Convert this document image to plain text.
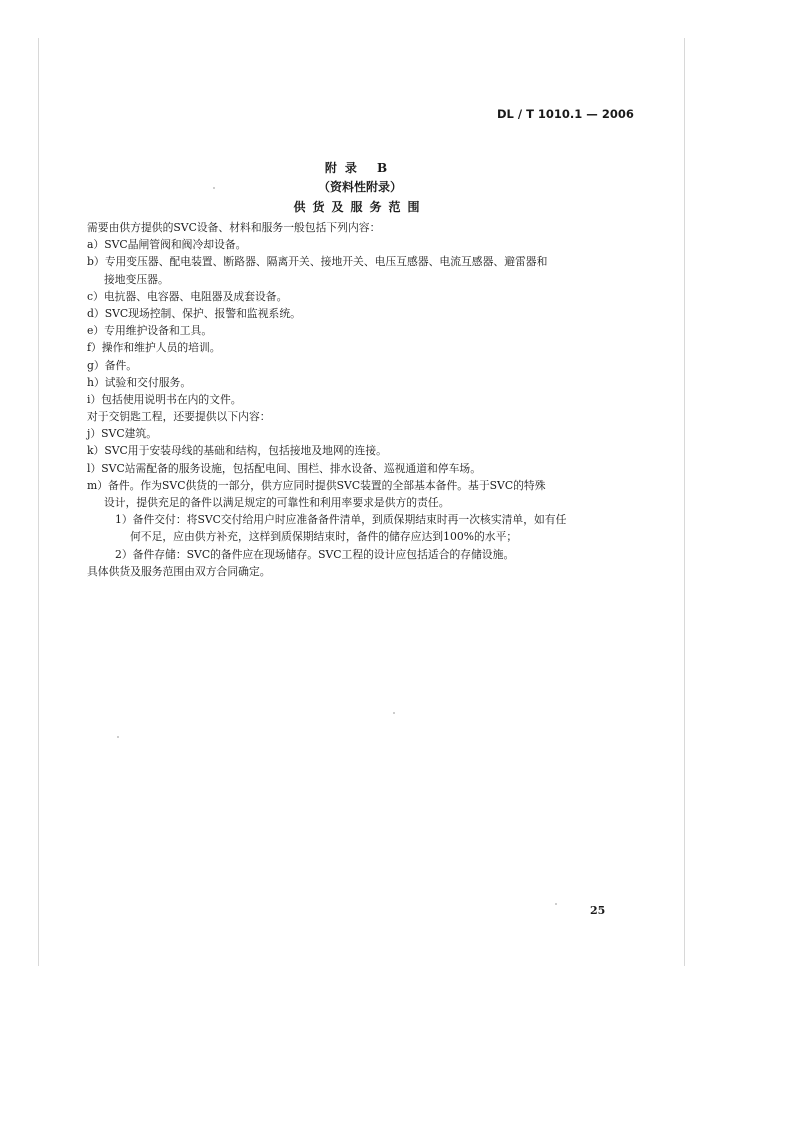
DL / T 1010.1 — 2006
附录 B
（资料性附录）
供货及服务范围
需要由供方提供的SVC设备、材料和服务一般包括下列内容：
a）SVC晶闸管阀和阀冷却设备。
b）专用变压器、配电装置、断路器、隔离开关、接地开关、电压互感器、电流互感器、避雷器和
接地变压器。
c）电抗器、电容器、电阻器及成套设备。
d）SVC现场控制、保护、报警和监视系统。
e）专用维护设备和工具。
f）操作和维护人员的培训。
g）备件。
h）试验和交付服务。
i）包括使用说明书在内的文件。
对于交钥匙工程，还要提供以下内容：
j）SVC建筑。
k）SVC用于安装母线的基础和结构，包括接地及地网的连接。
l）SVC站需配备的服务设施，包括配电间、围栏、排水设备、巡视通道和停车场。
m）备件。作为SVC供货的一部分，供方应同时提供SVC装置的全部基本备件。基于SVC的特殊
设计，提供充足的备件以满足规定的可靠性和利用率要求是供方的责任。
1）备件交付：将SVC交付给用户时应准备备件清单，到质保期结束时再一次核实清单，如有任
何不足，应由供方补充，这样到质保期结束时，备件的储存应达到100%的水平；
2）备件存储：SVC的备件应在现场储存。SVC工程的设计应包括适合的存储设施。
具体供货及服务范围由双方合同确定。
25
